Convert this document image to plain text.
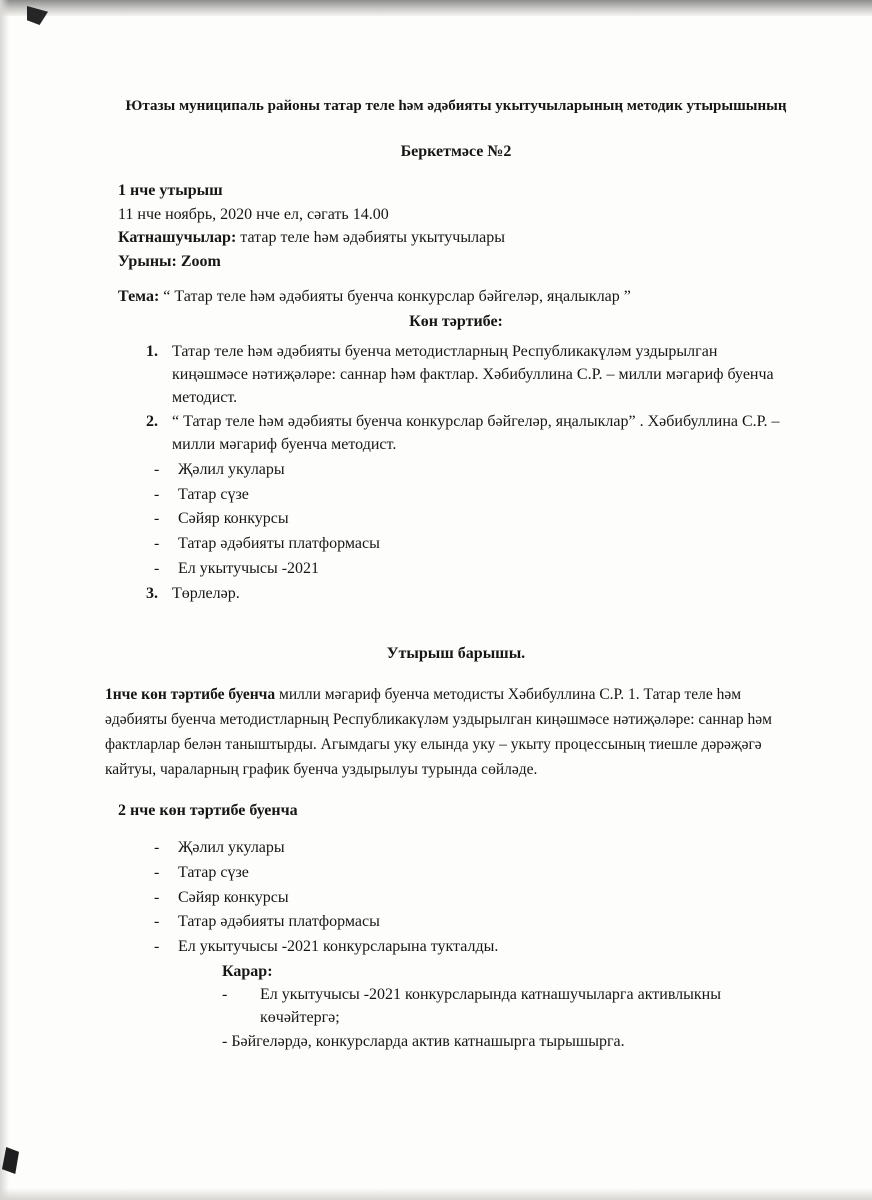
Ютазы муниципаль районы татар теле һәм әдәбияты укытучыларының методик утырышының
Беркетмәсе №2
1 нче утырыш
11 нче ноябрь, 2020 нче ел, сәгать 14.00
Катнашучылар: татар теле һәм әдәбияты укытучылары
Урыны: Zoom
Тема: “ Татар теле һәм әдәбияты буенча конкурслар бәйгеләр, яңалыклар ”
Көн тәртибе:
1. Татар теле һәм әдәбияты буенча методистларның Республикакүләм уздырылган киңәшмәсе нәтиҗәләре: саннар һәм фактлар. Хәбибуллина С.Р. – милли мәгариф буенча методист.
2. “ Татар теле һәм әдәбияты буенча конкурслар бәйгеләр, яңалыклар” . Хәбибуллина С.Р. – милли мәгариф буенча методист.
-	Җәлил укулары
-	Татар сүзе
-	Сәйяр конкурсы
-	Татар әдәбияты платформасы
-	Ел укытучысы -2021
3. Төрлеләр.
Утырыш барышы.
1нче көн тәртибе буенча милли мәгариф буенча методисты Хәбибуллина С.Р. 1. Татар теле һәм әдәбияты буенча методистларның Республикакүләм уздырылган киңәшмәсе нәтиҗәләре: саннар һәм фактларлар белән таныштырды. Агымдагы уку елында уку – укыту процессының тиешле дәрәҗәгә кайтуы, чараларның график буенча уздырылуы турында сөйләде.
2 нче көн тәртибе буенча
-	Җәлил укулары
-	Татар сүзе
-	Сәйяр конкурсы
-	Татар әдәбияты платформасы
-	Ел укытучысы -2021 конкурсларына тукталды.
Карар:
-	Ел укытучысы -2021 конкурсларында катнашучыларга активлыкны көчәйтергә;
- Бәйгеләрдә, конкурсларда актив катнашырга тырышырга.
